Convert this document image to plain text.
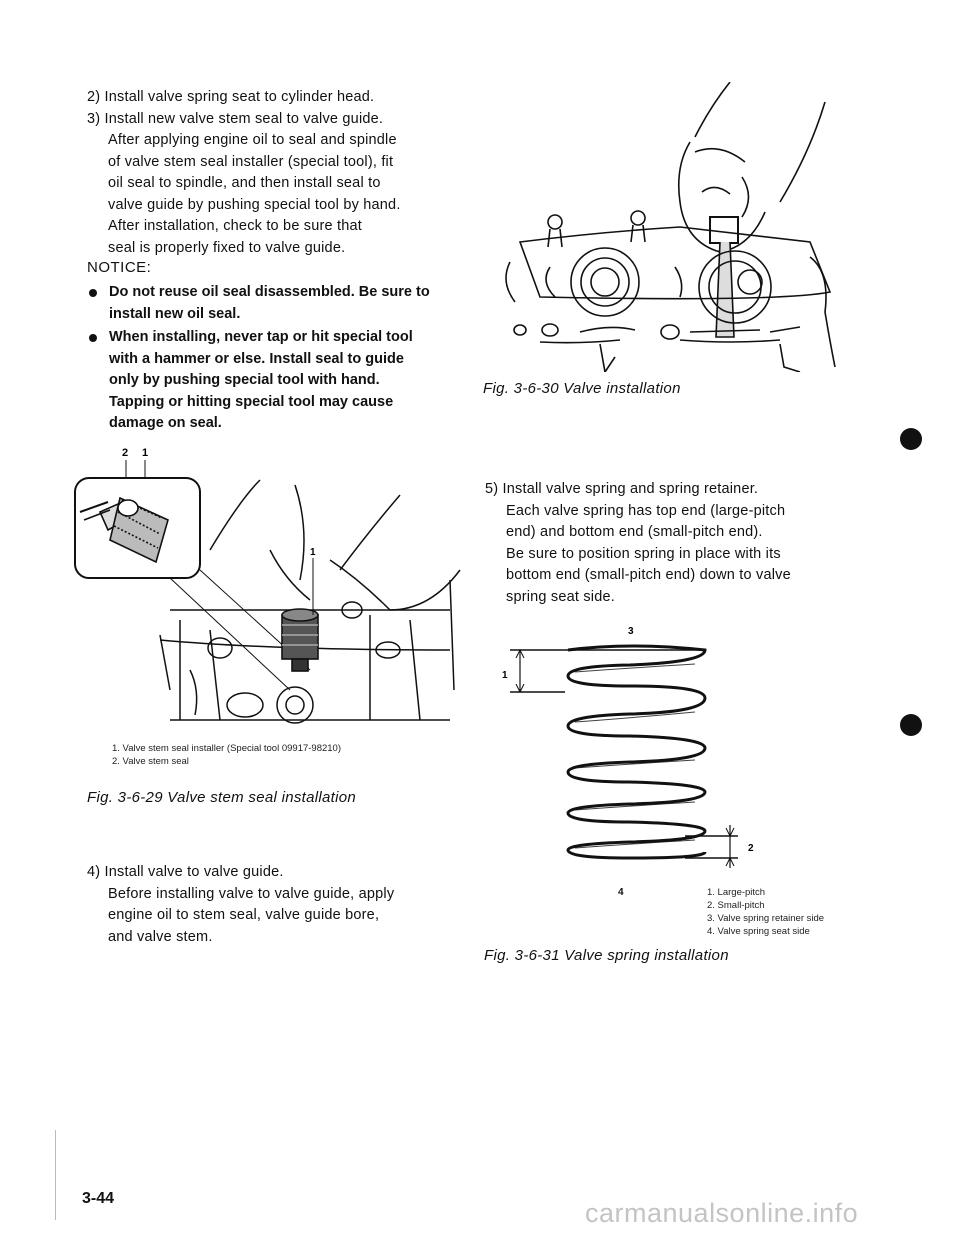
2) Install valve spring seat to cylinder head.

3) Install new valve stem seal to valve guide.

After applying engine oil to seal and spindle
of valve stem seal installer (special tool), fit
oil seal to spindle, and then install seal to
valve guide by pushing special tool by hand.
After installation, check to be sure that
seal is properly fixed to valve guide.
NOTICE:
Do not reuse oil seal disassembled. Be sure to
install new oil seal.
When installing, never tap or hit special tool
with a hammer or else. Install seal to guide
only by pushing special tool with hand.
Tapping or hitting special tool may cause
damage on seal.
2 1
1
1. Valve stem seal installer (Special tool 09917-98210)
2. Valve stem seal
Fig. 3-6-29 Valve stem seal installation
4) Install valve to valve guide.
Before installing valve to valve guide, apply
engine oil to stem seal, valve guide bore,
and valve stem.
3-44
Fig. 3-6-30 Valve installation
5) Install valve spring and spring retainer.
Each valve spring has top end (large-pitch
end) and bottom end (small-pitch end).
Be sure to position spring in place with its
bottom end (small-pitch end) down to valve
spring seat side.
3
1
2
4	1. Large-pitch
2. Small-pitch
3. Valve spring retainer side
4. Valve spring seat side
Fig. 3-6-31 Valve spring installation
carmanualsonline.info
